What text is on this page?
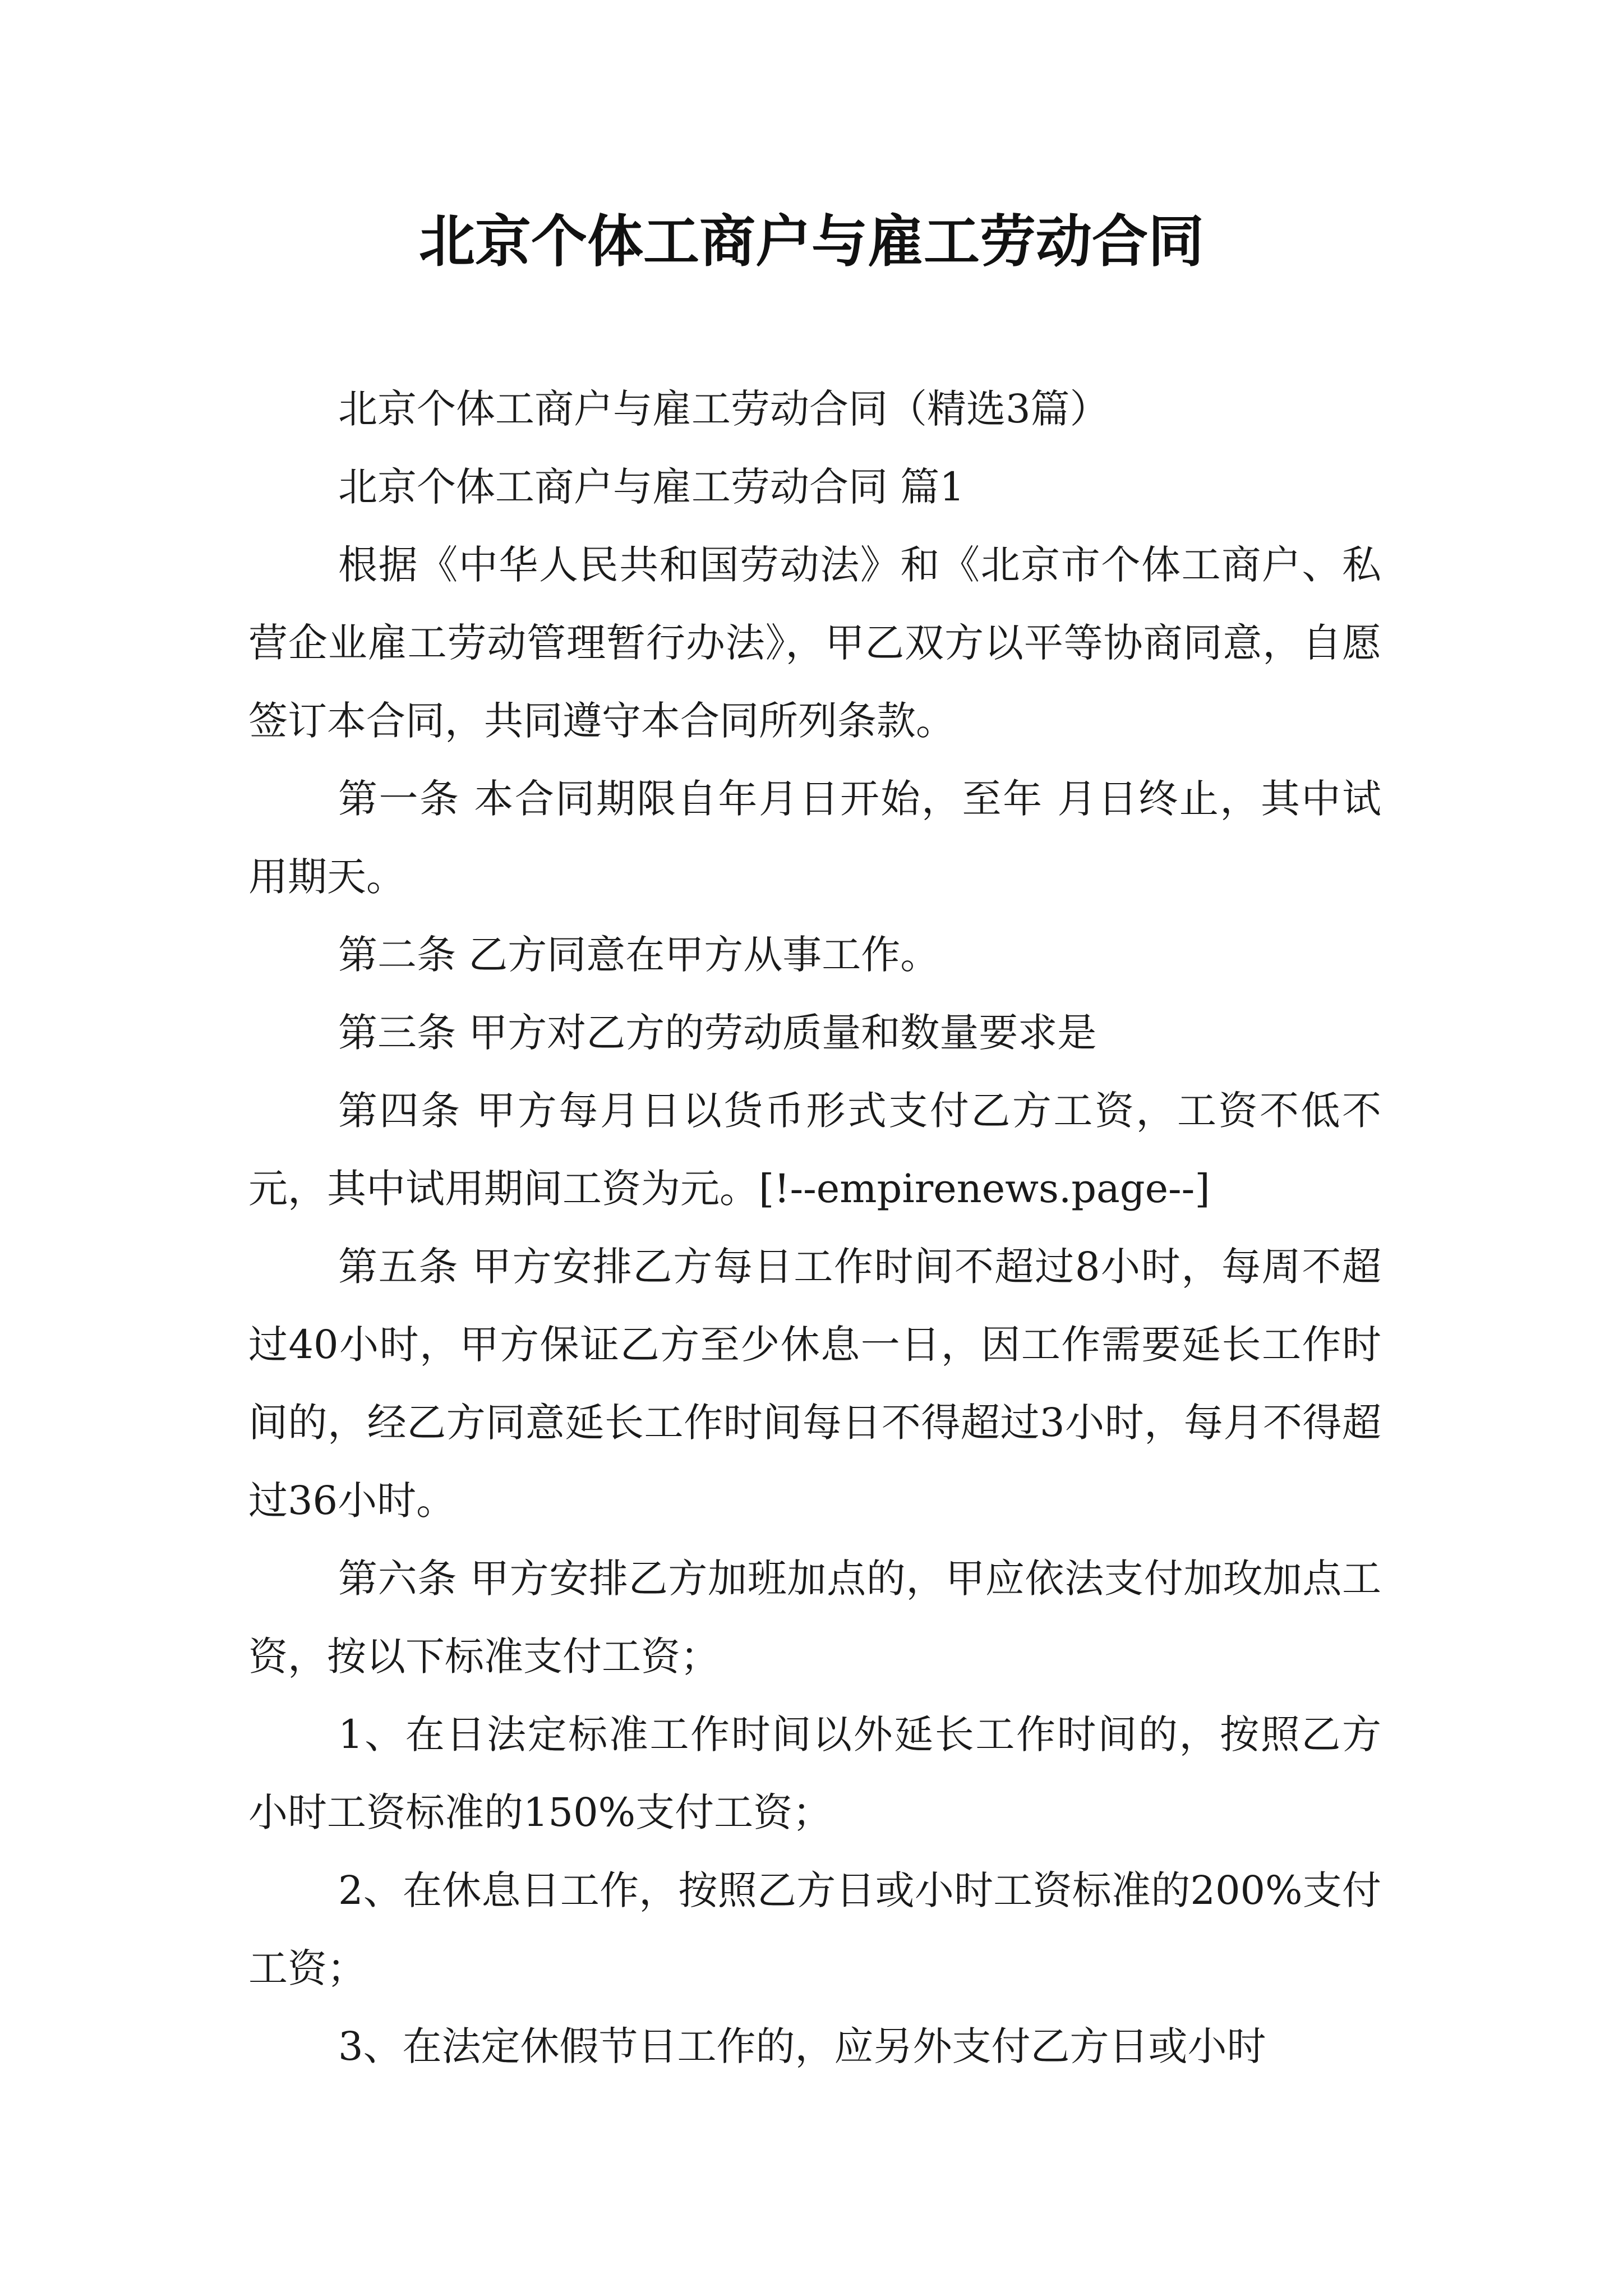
北京个体工商户与雇工劳动合同

北京个体工商户与雇工劳动合同（精选3篇）

北京个体工商户与雇工劳动合同 篇1

根据《中华人民共和国劳动法》和《北京市个体工商户、私营企业雇工劳动管理暂行办法》，甲乙双方以平等协商同意，自愿签订本合同，共同遵守本合同所列条款。

第一条 本合同期限自年月日开始，至年 月日终止，其中试用期天。

第二条 乙方同意在甲方从事工作。

第三条 甲方对乙方的劳动质量和数量要求是

第四条 甲方每月日以货币形式支付乙方工资，工资不低不元，其中试用期间工资为元。[!--empirenews.page--]

第五条 甲方安排乙方每日工作时间不超过8小时，每周不超过40小时，甲方保证乙方至少休息一日，因工作需要延长工作时间的，经乙方同意延长工作时间每日不得超过3小时，每月不得超过36小时。

第六条 甲方安排乙方加班加点的，甲应依法支付加玫加点工资，按以下标准支付工资；

1、在日法定标准工作时间以外延长工作时间的，按照乙方小时工资标准的150%支付工资；

2、在休息日工作，按照乙方日或小时工资标准的200%支付工资；

3、在法定休假节日工作的，应另外支付乙方日或小时
